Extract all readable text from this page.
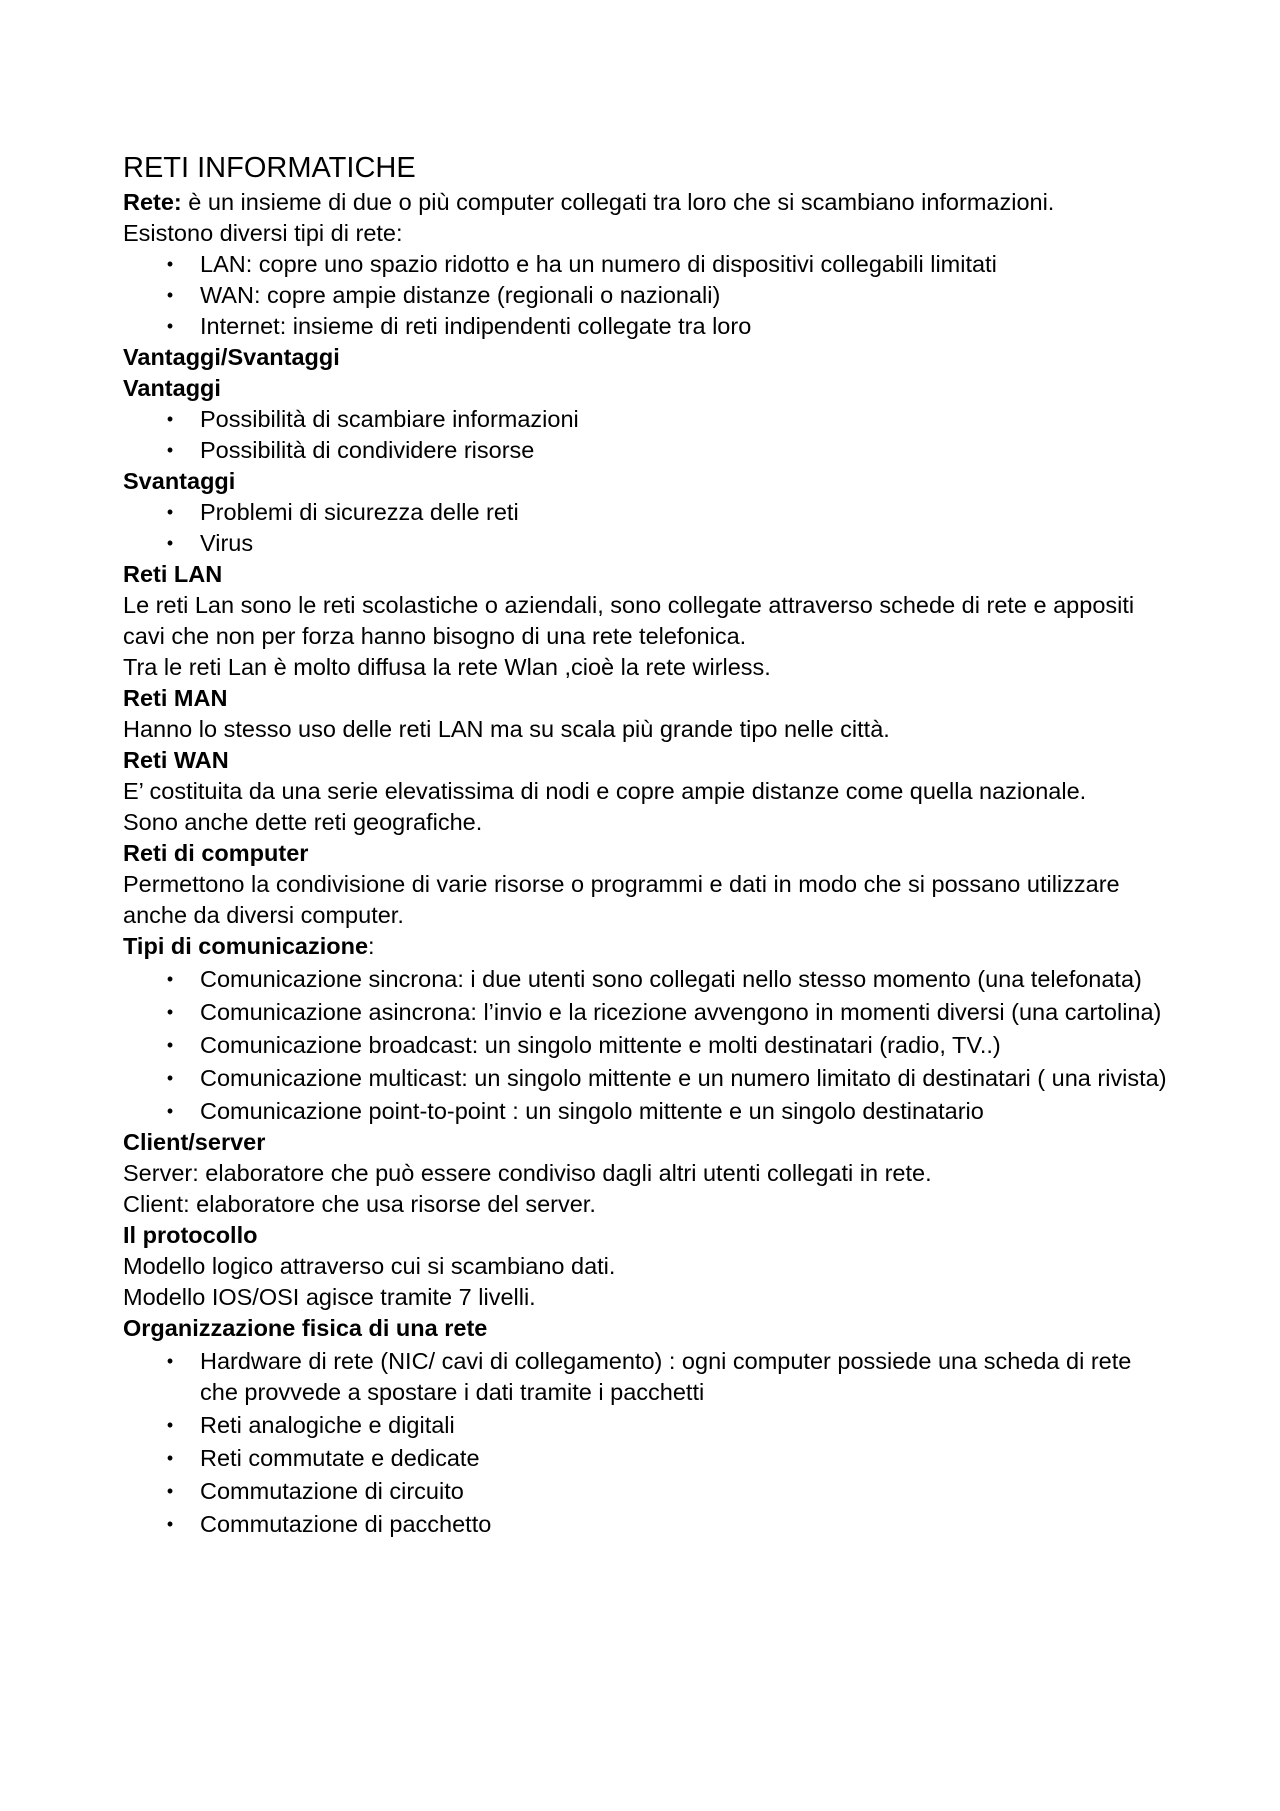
RETI INFORMATICHE

Rete: è un insieme di due o più computer collegati tra loro che si scambiano informazioni.

Esistono diversi tipi di rete:

• LAN: copre uno spazio ridotto e ha un numero di dispositivi collegabili limitati
• WAN: copre ampie distanze (regionali o nazionali)
• Internet: insieme di reti indipendenti collegate tra loro
Vantaggi/Svantaggi
Vantaggi
• Possibilità di scambiare informazioni
• Possibilità di condividere risorse
Svantaggi
• Problemi di sicurezza delle reti
• Virus
Reti LAN

Le reti Lan sono le reti scolastiche o aziendali, sono collegate attraverso schede di rete e appositi cavi che non per forza hanno bisogno di una rete telefonica.

Tra le reti Lan è molto diffusa la rete Wlan ,cioè la rete wirless.

Reti MAN

Hanno lo stesso uso delle reti LAN ma su scala più grande tipo nelle città.

Reti WAN

E’ costituita da una serie elevatissima di nodi e copre ampie distanze come quella nazionale.

Sono anche dette reti geografiche.

Reti di computer

Permettono la condivisione di varie risorse o programmi e dati in modo che si possano utilizzare anche da diversi computer.

Tipi di comunicazione:
• Comunicazione sincrona: i due utenti sono collegati nello stesso momento (una telefonata)
• Comunicazione asincrona: l’invio e la ricezione avvengono in momenti diversi (una cartolina)
• Comunicazione broadcast: un singolo mittente e molti destinatari (radio, TV..)
• Comunicazione multicast: un singolo mittente e un numero limitato di destinatari ( una rivista)
• Comunicazione point-to-point : un singolo mittente e un singolo destinatario
Client/server

Server: elaboratore che può essere condiviso dagli altri utenti collegati in rete.

Client: elaboratore che usa risorse del server.

Il protocollo

Modello logico attraverso cui si scambiano dati.

Modello IOS/OSI agisce tramite 7 livelli.

Organizzazione fisica di una rete
• Hardware di rete (NIC/ cavi di collegamento) : ogni computer possiede una scheda di rete che provvede a spostare i dati tramite i pacchetti
• Reti analogiche e digitali
• Reti commutate e dedicate
• Commutazione di circuito
• Commutazione di pacchetto
